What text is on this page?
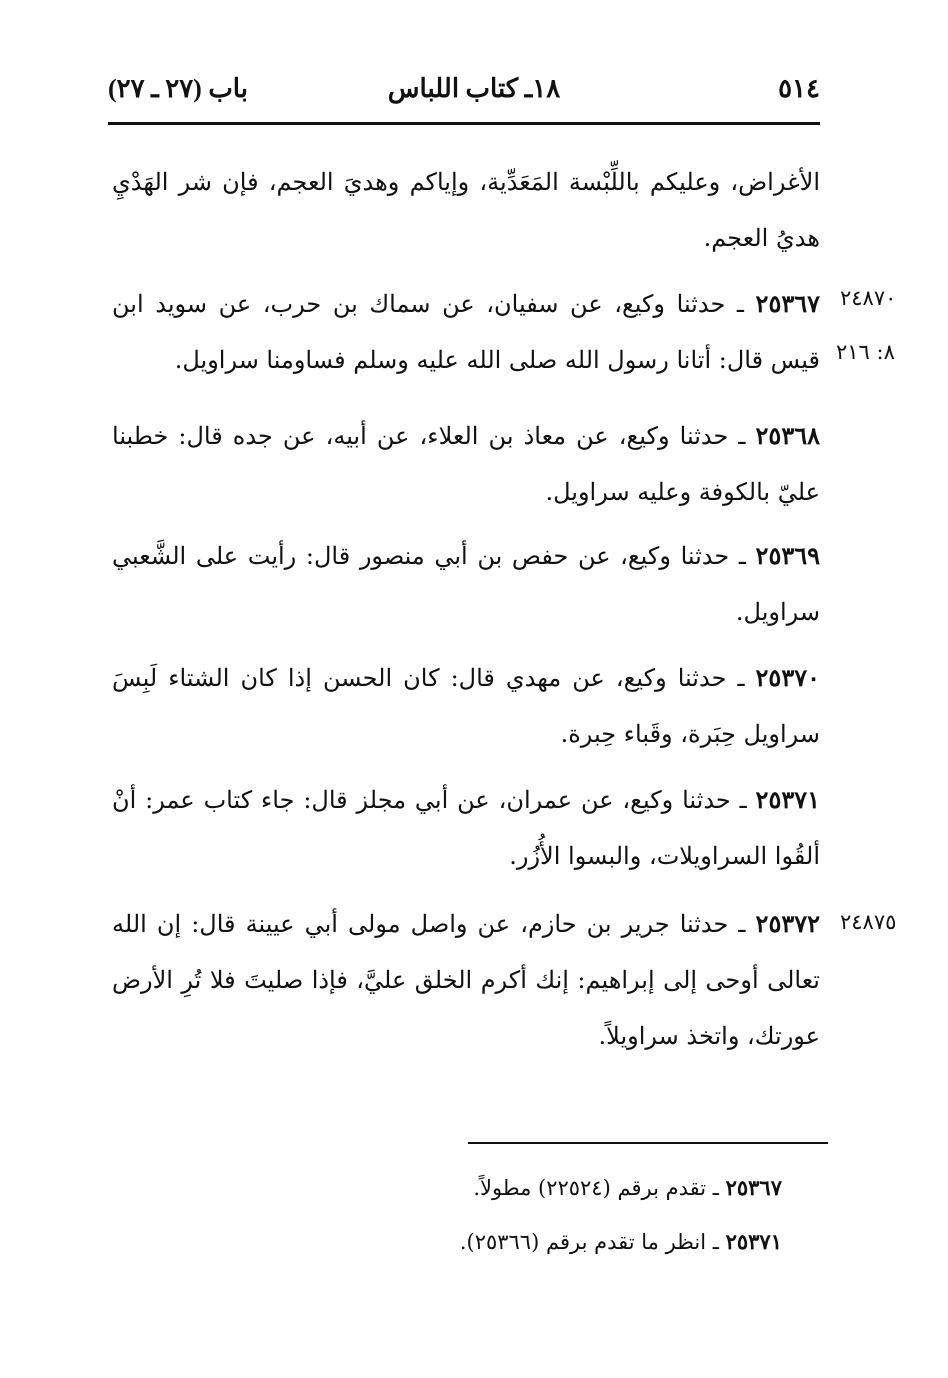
٥١٤
١٨ـ كتاب اللباس
باب (٢٧ ـ ٢٧)
الأغراض، وعليكم باللِّبْسة المَعَدِّية، وإياكم وهديَ العجم، فإن شر الهَدْيِ هديُ العجم.
٢٥٣٦٧ ـ حدثنا وكيع، عن سفيان، عن سماك بن حرب، عن سويد ابن قيس قال: أتانا رسول الله صلى الله عليه وسلم فساومنا سراويل.
٢٥٣٦٨ ـ حدثنا وكيع، عن معاذ بن العلاء، عن أبيه، عن جده قال: خطبنا عليّ بالكوفة وعليه سراويل.
٢٥٣٦٩ ـ حدثنا وكيع، عن حفص بن أبي منصور قال: رأيت على الشَّعبي سراويل.
٢٥٣٧٠ ـ حدثنا وكيع، عن مهدي قال: كان الحسن إذا كان الشتاء لَبِسَ سراويل حِبَرة، وقَباء حِبرة.
٢٥٣٧١ ـ حدثنا وكيع، عن عمران، عن أبي مجلز قال: جاء كتاب عمر: أنْ ألقُوا السراويلات، والبسوا الأُزُر.
٢٥٣٧٢ ـ حدثنا جرير بن حازم، عن واصل مولى أبي عيينة قال: إن الله تعالى أوحى إلى إبراهيم: إنك أكرم الخلق عليَّ، فإذا صليتَ فلا تُرِ الأرض عورتك، واتخذ سراويلاً.
٢٤٨٧٠
٨: ٢١٦
٢٤٨٧٥
٢٥٣٦٧ ـ تقدم برقم (٢٢٥٢٤) مطولاً.
٢٥٣٧١ ـ انظر ما تقدم برقم (٢٥٣٦٦).
